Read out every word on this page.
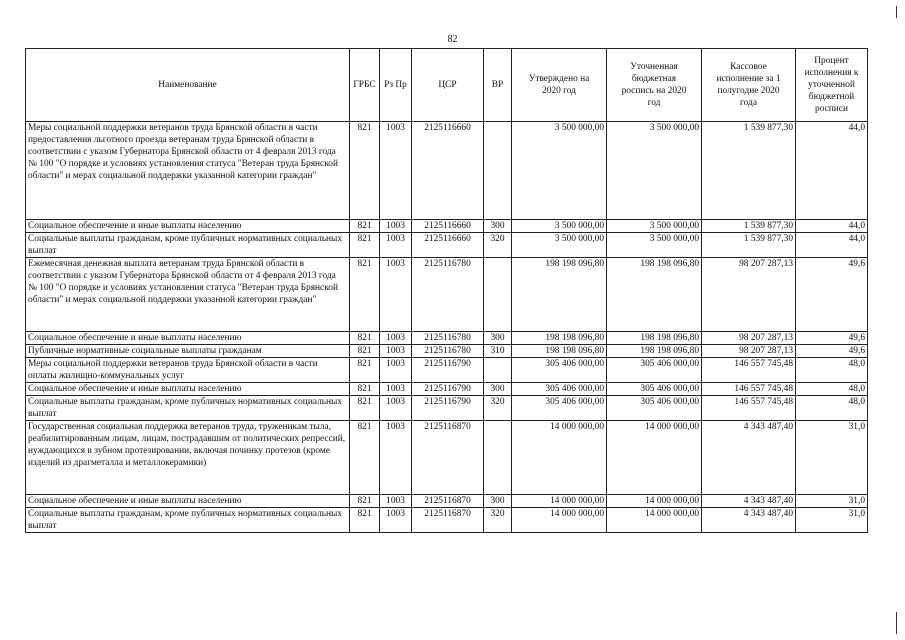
82
Наименование	ГРБС	Рз Пр	ЦСР	ВР	Утверждено на 2020 год	Уточненная бюджетная роспись на 2020 год	Кассовое исполнение за 1 полугодие 2020 года	Процент исполнения к уточненной бюджетной росписи
Меры социальной поддержки ветеранов труда Брянской области в части предоставления льготного проезда ветеранам труда Брянской области в соответствии с указом Губернатора Брянской области от 4 февраля 2013 года № 100 "О порядке и условиях установления статуса "Ветеран труда Брянской области" и мерах социальной поддержки указанной категории граждан"	821	1003	2125116660		3 500 000,00	3 500 000,00	1 539 877,30	44,0
Социальное обеспечение и иные выплаты населению	821	1003	2125116660	300	3 500 000,00	3 500 000,00	1 539 877,30	44,0
Социальные выплаты гражданам, кроме публичных нормативных социальных выплат	821	1003	2125116660	320	3 500 000,00	3 500 000,00	1 539 877,30	44,0
Ежемесячная денежная выплата ветеранам труда Брянской области в соответствии с указом Губернатора Брянской области от 4 февраля 2013 года № 100 "О порядке и условиях установления статуса "Ветеран труда Брянской области" и мерах социальной поддержки указанной категории граждан"	821	1003	2125116780		198 198 096,80	198 198 096,80	98 207 287,13	49,6
Социальное обеспечение и иные выплаты населению	821	1003	2125116780	300	198 198 096,80	198 198 096,80	98 207 287,13	49,6
Публичные нормативные социальные выплаты гражданам	821	1003	2125116780	310	198 198 096,80	198 198 096,80	98 207 287,13	49,6
Меры социальной поддержки ветеранов труда Брянской области в части оплаты жилищно-коммунальных услуг	821	1003	2125116790		305 406 000,00	305 406 000,00	146 557 745,48	48,0
Социальное обеспечение и иные выплаты населению	821	1003	2125116790	300	305 406 000,00	305 406 000,00	146 557 745,48	48,0
Социальные выплаты гражданам, кроме публичных нормативных социальных выплат	821	1003	2125116790	320	305 406 000,00	305 406 000,00	146 557 745,48	48,0
Государственная социальная поддержка ветеранов труда, труженикам тыла, реабилитированным лицам, лицам, пострадавшим от политических репрессий, нуждающихся в зубном протезировании, включая починку протезов (кроме изделий из драгметалла и металлокерамики)	821	1003	2125116870		14 000 000,00	14 000 000,00	4 343 487,40	31,0
Социальное обеспечение и иные выплаты населению	821	1003	2125116870	300	14 000 000,00	14 000 000,00	4 343 487,40	31,0
Социальные выплаты гражданам, кроме публичных нормативных социальных выплат	821	1003	2125116870	320	14 000 000,00	14 000 000,00	4 343 487,40	31,0
